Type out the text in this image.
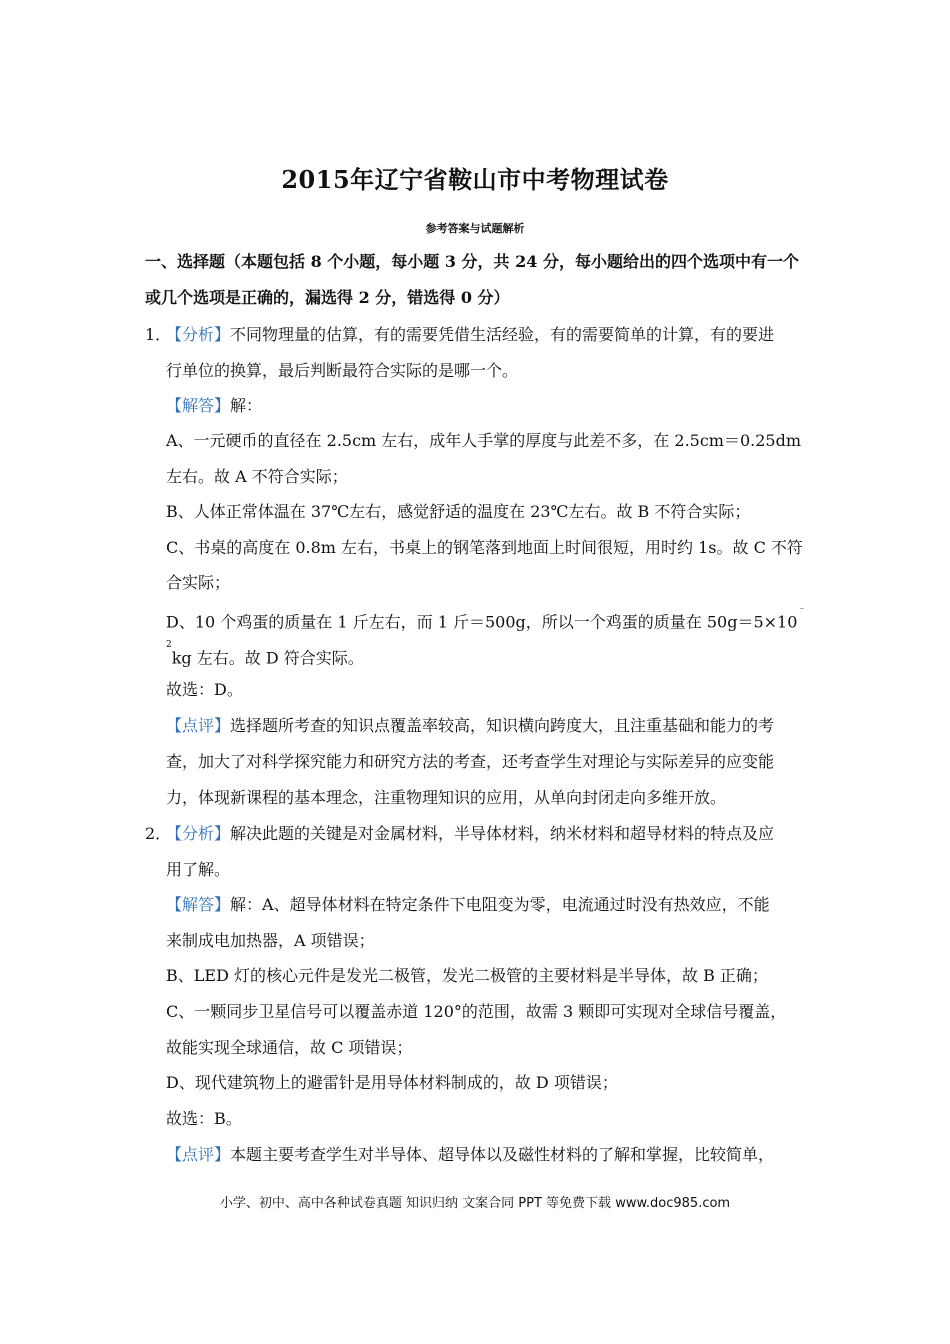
2015年辽宁省鞍山市中考物理试卷
参考答案与试题解析
一、选择题（本题包括 8 个小题，每小题 3 分，共 24 分，每小题给出的四个选项中有一个
或几个选项是正确的，漏选得 2 分，错选得 0 分）
1．
【分析】不同物理量的估算，有的需要凭借生活经验，有的需要简单的计算，有的要进
行单位的换算，最后判断最符合实际的是哪一个。
【解答】解：
A、一元硬币的直径在 2.5cm 左右，成年人手掌的厚度与此差不多，在 2.5cm＝0.25dm
左右。故 A 不符合实际；
B、人体正常体温在 37℃左右，感觉舒适的温度在 23℃左右。故 B 不符合实际；
C、书桌的高度在 0.8m 左右，书桌上的钢笔落到地面上时间很短，用时约 1s。故 C 不符
合实际；
D、10 个鸡蛋的质量在 1 斤左右，而 1 斤＝500g，所以一个鸡蛋的质量在 50g＝5×10﹣
$^2$kg 左右。故 D 符合实际。
故选：D。
【点评】选择题所考查的知识点覆盖率较高，知识横向跨度大，且注重基础和能力的考
查，加大了对科学探究能力和研究方法的考查，还考查学生对理论与实际差异的应变能
力，体现新课程的基本理念，注重物理知识的应用，从单向封闭走向多维开放。
2．
【分析】解决此题的关键是对金属材料，半导体材料，纳米材料和超导材料的特点及应
用了解。
【解答】解：A、超导体材料在特定条件下电阻变为零，电流通过时没有热效应，不能
来制成电加热器，A 项错误；
B、LED 灯的核心元件是发光二极管，发光二极管的主要材料是半导体，故 B 正确；
C、一颗同步卫星信号可以覆盖赤道 120°的范围，故需 3 颗即可实现对全球信号覆盖，
故能实现全球通信，故 C 项错误；
D、现代建筑物上的避雷针是用导体材料制成的，故 D 项错误；
故选：B。
【点评】本题主要考查学生对半导体、超导体以及磁性材料的了解和掌握，比较简单，
小学、初中、高中各种试卷真题 知识归纳 文案合同 PPT 等免费下载 www.doc985.com
